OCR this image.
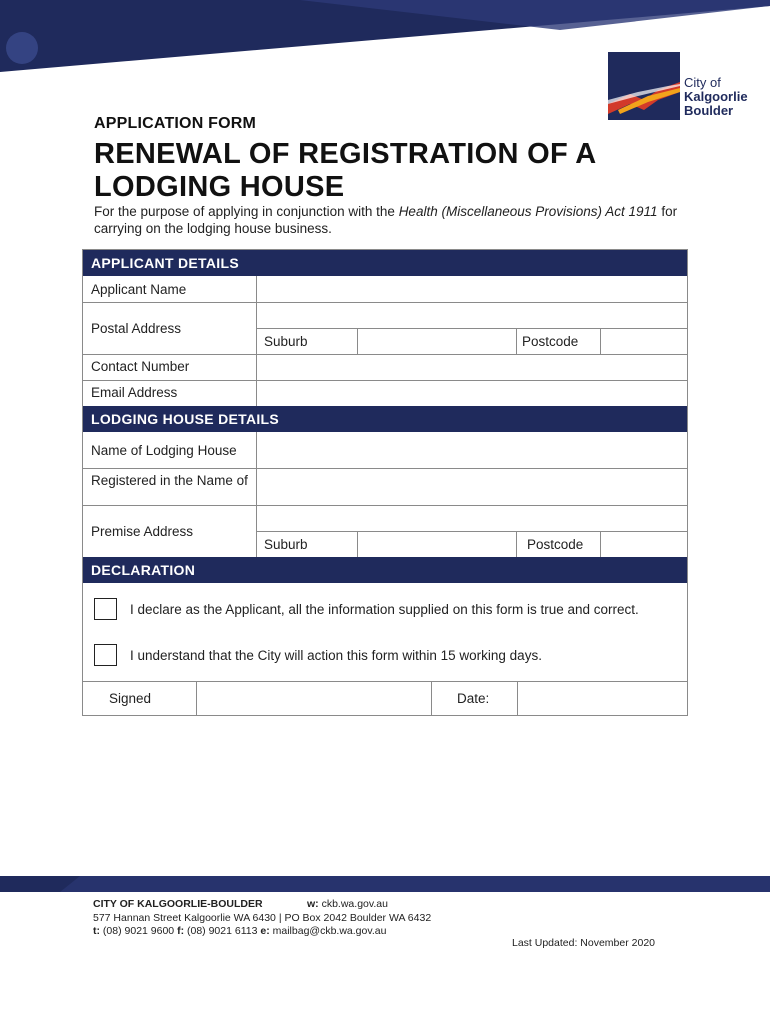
City of
Kalgoorlie
Boulder
APPLICATION FORM
RENEWAL OF REGISTRATION OF A
LODGING HOUSE
For the purpose of applying in conjunction with the Health (Miscellaneous Provisions) Act 1911 for carrying on the lodging house business.
APPLICANT DETAILS
Applicant Name
Postal Address
Suburb	Postcode
Contact Number
Email Address
LODGING HOUSE DETAILS
Name of Lodging House
Registered in the Name of
Premise Address
Suburb	Postcode
DECLARATION
I declare as the Applicant, all the information supplied on this form is true and correct.
I understand that the City will action this form within 15 working days.
Signed	Date:
CITY OF KALGOORLIE-BOULDER	w: ckb.wa.gov.au
577 Hannan Street Kalgoorlie WA 6430 | PO Box 2042 Boulder WA 6432
t: (08) 9021 9600 f: (08) 9021 6113 e: mailbag@ckb.wa.gov.au
Last Updated: November 2020
